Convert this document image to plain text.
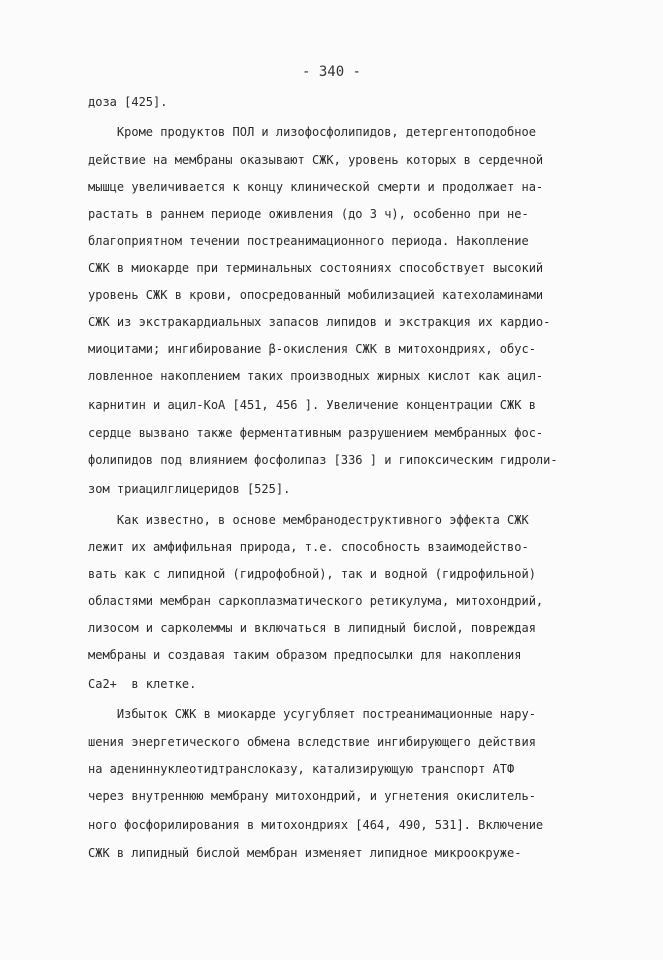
- 340 -
доза [425].
Кроме продуктов ПОЛ и лизофосфолипидов, детергентоподобное
действие на мембраны оказывают СЖК, уровень которых в сердечной
мышце увеличивается к концу клинической смерти и продолжает на-
растать в раннем периоде оживления (до 3 ч), особенно при не-
благоприятном течении постреанимационного периода. Накопление
СЖК в миокарде при терминальных состояниях способствует высокий
уровень СЖК в крови, опосредованный мобилизацией катехоламинами
СЖК из экстракардиальных запасов липидов и экстракция их кардио-
миоцитами; ингибирование β-окисления СЖК в митохондриях, обус-
ловленное накоплением таких производных жирных кислот как ацил-
карнитин и ацил-КоА [451, 456 ]. Увеличение концентрации СЖК в
сердце вызвано также ферментативным разрушением мембранных фос-
фолипидов под влиянием фосфолипаз [336 ] и гипоксическим гидроли-
зом триацилглицеридов [525].
Как известно, в основе мембранодеструктивного эффекта СЖК
лежит их амфифильная природа, т.е. способность взаимодейство-
вать как с липидной (гидрофобной), так и водной (гидрофильной)
областями мембран саркоплазматического ретикулума, митохондрий,
лизосом и сарколеммы и включаться в липидный бислой, повреждая
мембраны и создавая таким образом предпосылки для накопления
Ca2+  в клетке.
Избыток СЖК в миокарде усугубляет постреанимационные нару-
шения энергетического обмена вследствие ингибирующего действия
на адениннуклеотидтранслоказу, катализирующую транспорт АТФ
через внутреннюю мембрану митохондрий, и угнетения окислитель-
ного фосфорилирования в митохондриях [464, 490, 531]. Включение
СЖК в липидный бислой мембран изменяет липидное микроокруже-
